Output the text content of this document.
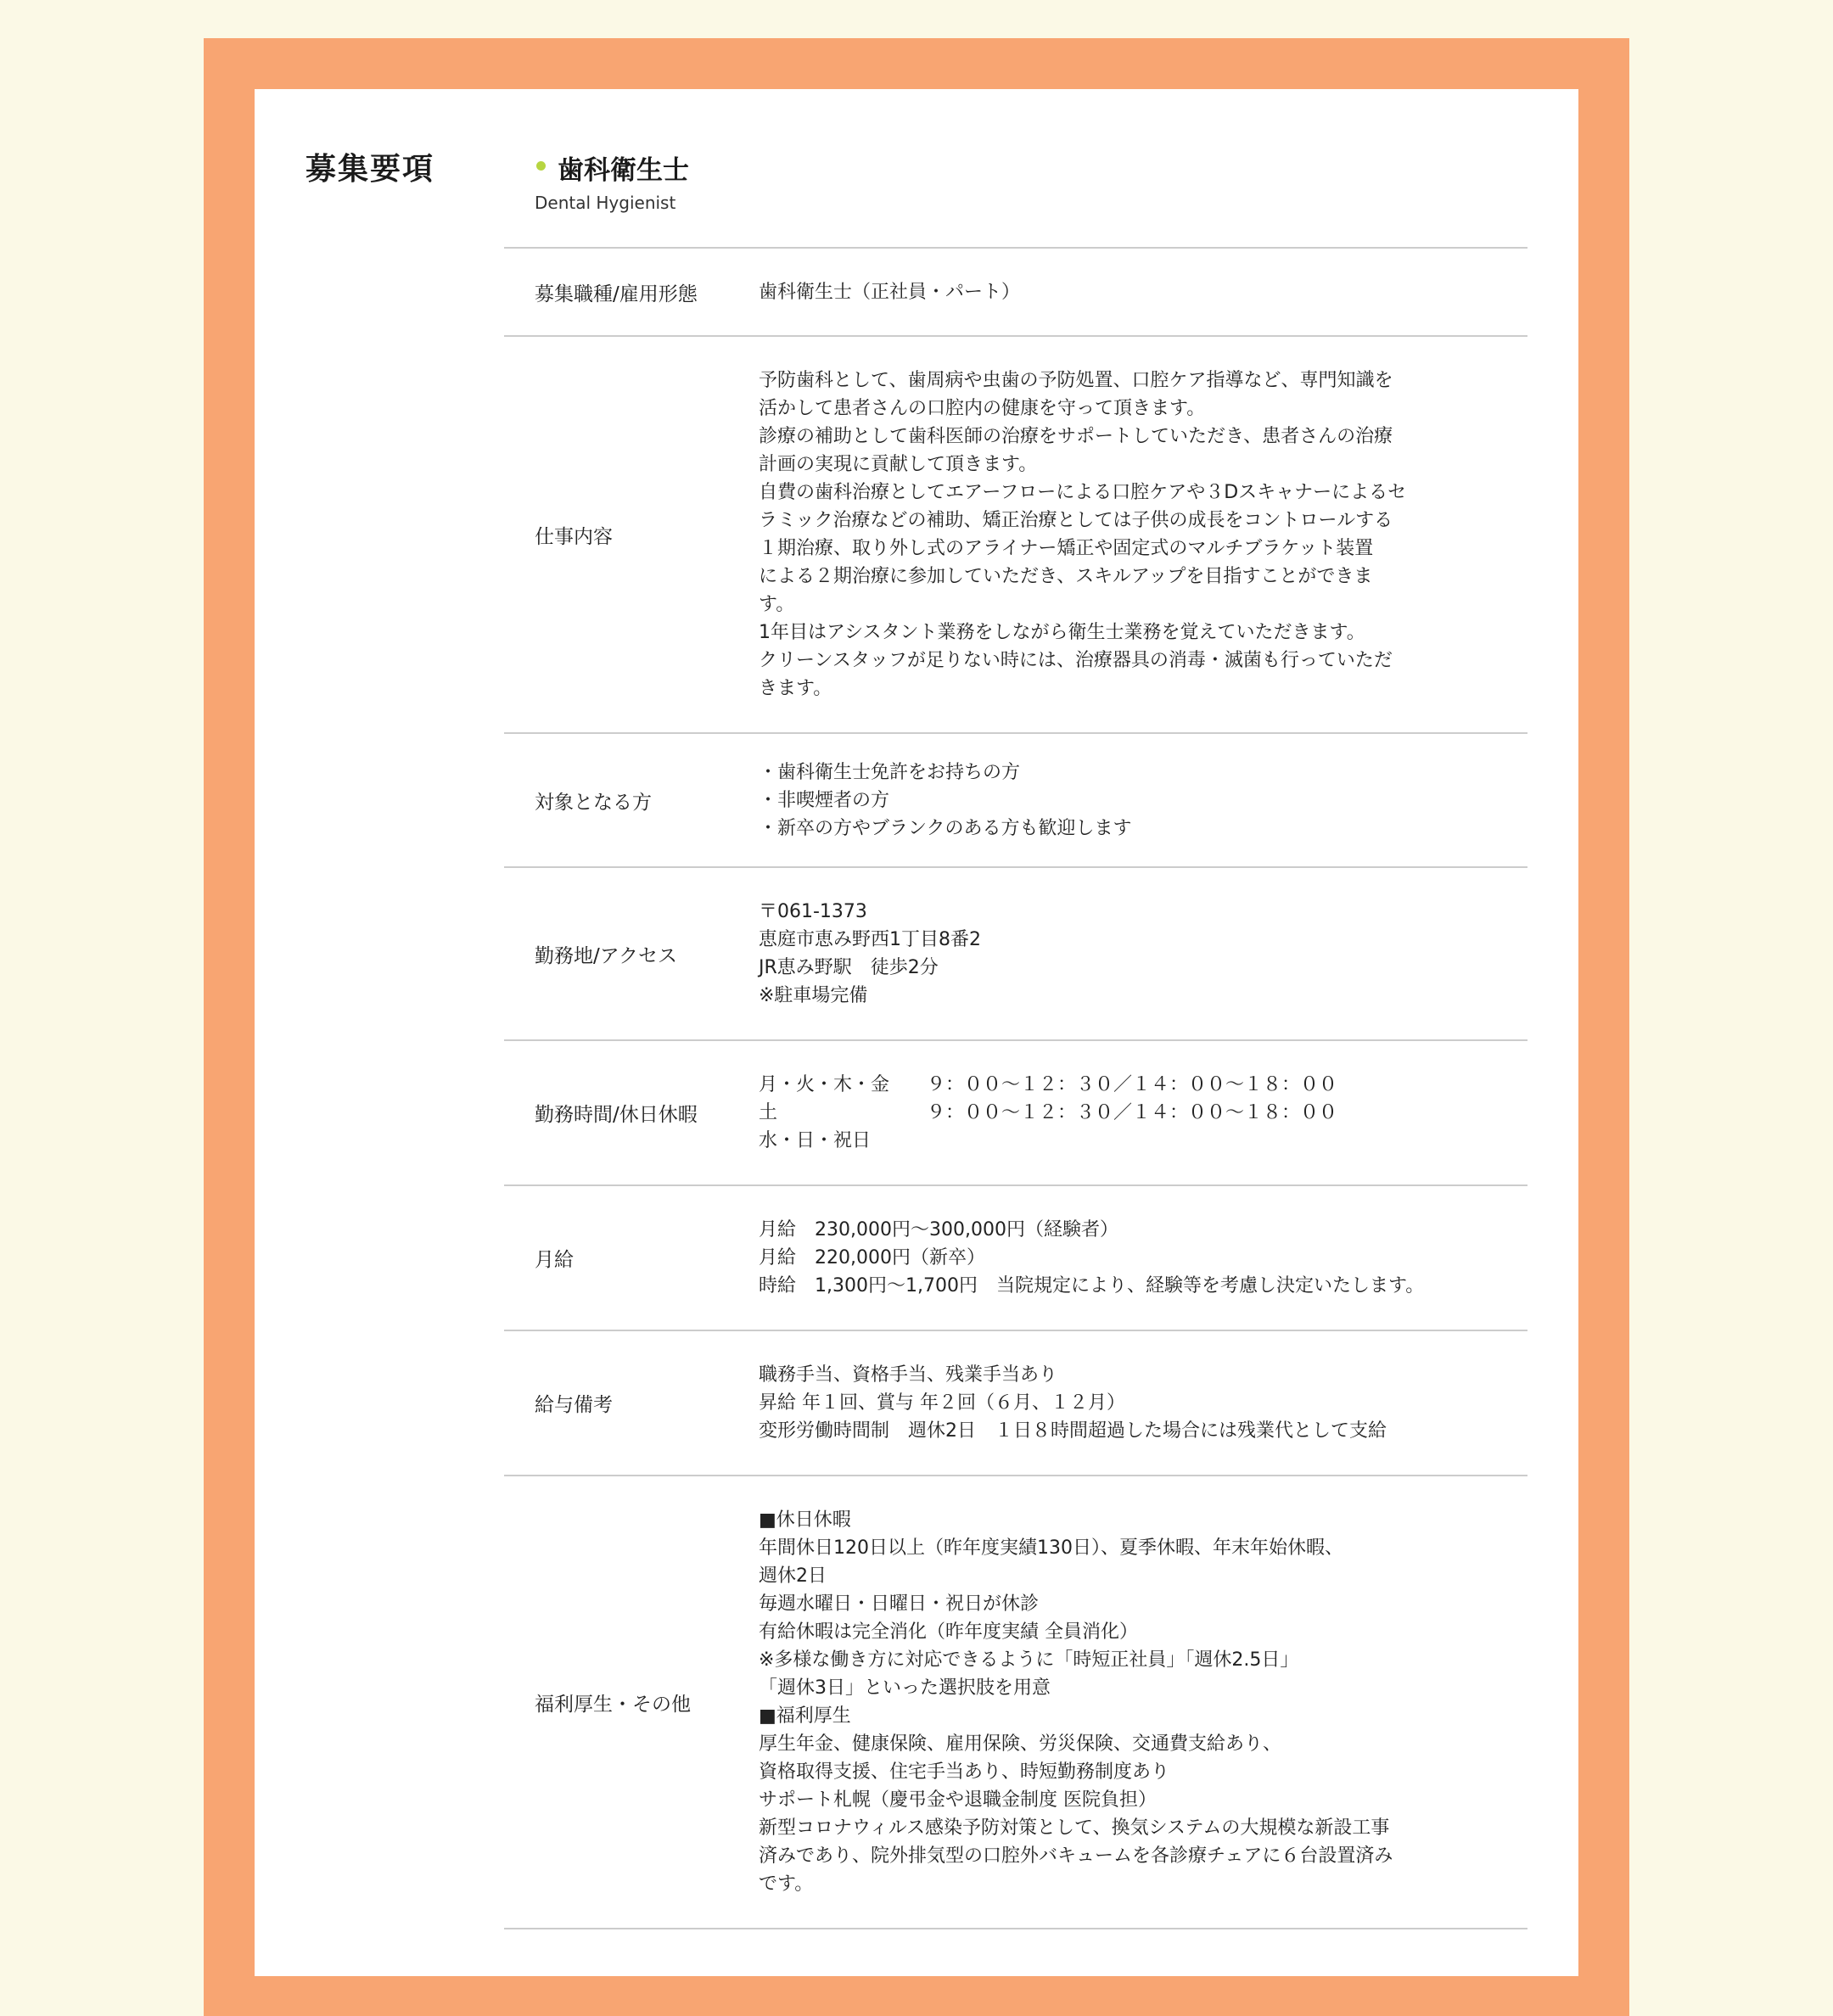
募集要項	歯科衛生士
Dental Hygienist
募集職種/雇用形態	歯科衛生士（正社員・パート）
仕事内容
予防歯科として、歯周病や虫歯の予防処置、口腔ケア指導など、専門知識を
活かして患者さんの口腔内の健康を守って頂きます。
診療の補助として歯科医師の治療をサポートしていただき、患者さんの治療
計画の実現に貢献して頂きます。
自費の歯科治療としてエアーフローによる口腔ケアや３Dスキャナーによるセ
ラミック治療などの補助、矯正治療としては子供の成長をコントロールする
１期治療、取り外し式のアライナー矯正や固定式のマルチブラケット装置
による２期治療に参加していただき、スキルアップを目指すことができま
す。
1年目はアシスタント業務をしながら衛生士業務を覚えていただきます。
クリーンスタッフが足りない時には、治療器具の消毒・滅菌も行っていただ
きます。
対象となる方
・歯科衛生士免許をお持ちの方
・非喫煙者の方
・新卒の方やブランクのある方も歓迎します
勤務地/アクセス
〒061-1373
恵庭市恵み野西1丁目8番2
JR恵み野駅　徒歩2分
※駐車場完備
勤務時間/休日休暇
月・火・木・金　　９：００〜１２：３０／１４：００〜１８：００
土　　　　　　　　９：００〜１２：３０／１４：００〜１８：００
水・日・祝日
月給
月給　230,000円〜300,000円（経験者）
月給　220,000円（新卒）
時給　1,300円〜1,700円　当院規定により、経験等を考慮し決定いたします。
給与備考
職務手当、資格手当、残業手当あり
昇給 年１回、賞与 年２回（６月、１２月）
変形労働時間制　週休2日　１日８時間超過した場合には残業代として支給
福利厚生・その他
■休日休暇
年間休日120日以上（昨年度実績130日）、夏季休暇、年末年始休暇、
週休2日
毎週水曜日・日曜日・祝日が休診
有給休暇は完全消化（昨年度実績 全員消化）
※多様な働き方に対応できるように「時短正社員」「週休2.5日」
「週休3日」といった選択肢を用意
■福利厚生
厚生年金、健康保険、雇用保険、労災保険、交通費支給あり、
資格取得支援、住宅手当あり、時短勤務制度あり
サポート札幌（慶弔金や退職金制度 医院負担）
新型コロナウィルス感染予防対策として、換気システムの大規模な新設工事
済みであり、院外排気型の口腔外バキュームを各診療チェアに６台設置済み
です。
